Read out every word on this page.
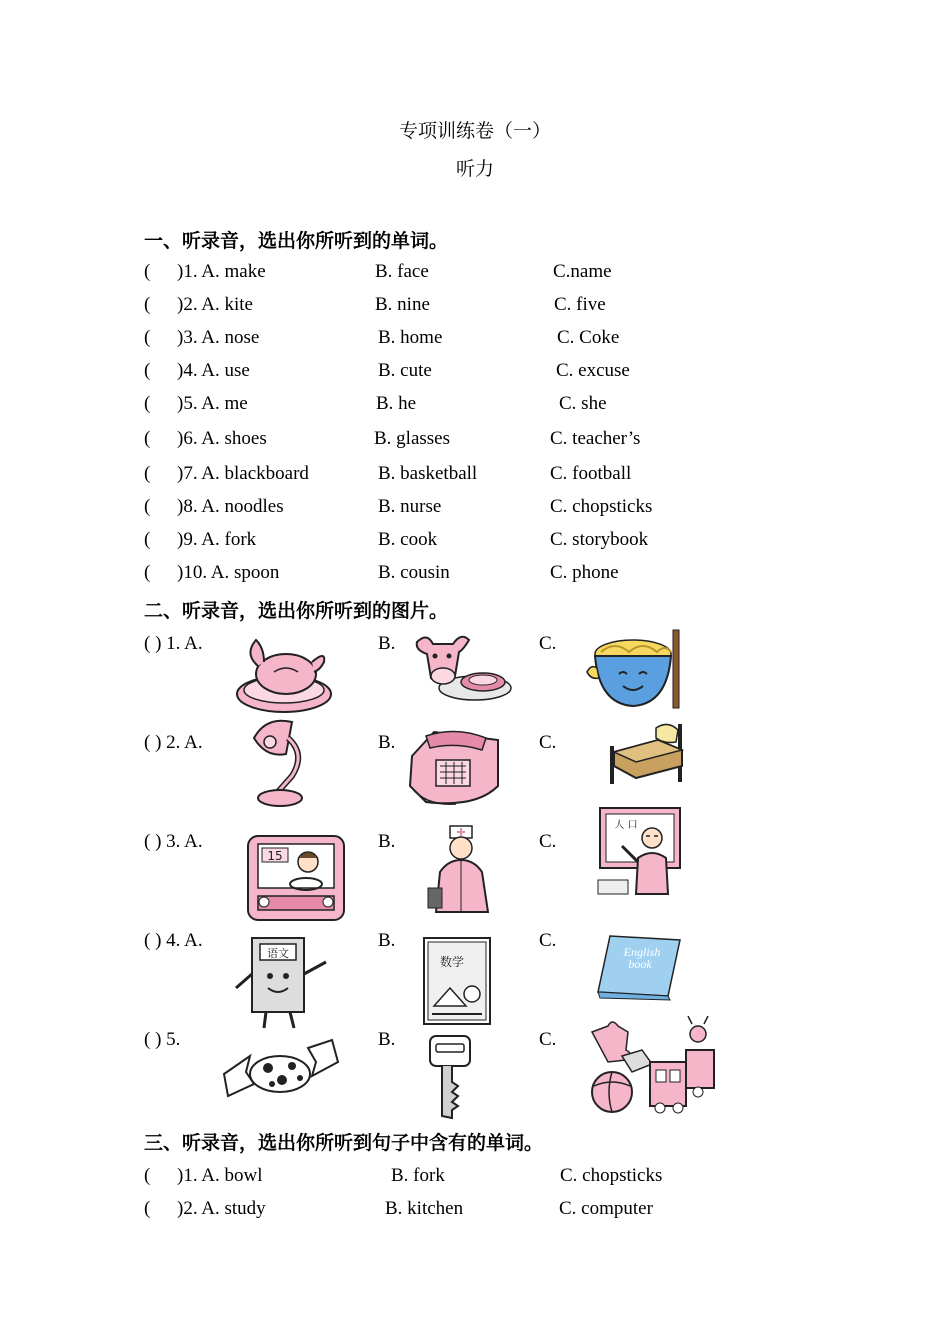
专项训练卷（一）
听力
一、听录音，选出你所听到的单词。
( )1. A. make	B. face	C.name
( )2. A. kite	B. nine	C. five
( )3. A. nose	B. home	C. Coke
( )4. A. use	B. cute	C. excuse
( )5. A. me	B. he	C. she
( )6. A. shoes	B. glasses	C. teacher’s
( )7. A. blackboard	B. basketball	C. football
( )8. A. noodles	B. nurse	C. chopsticks
( )9. A. fork	B. cook	C. storybook
( )10. A. spoon	B. cousin	C. phone
二、听录音，选出你所听到的图片。
( ) 1. A.	B.	C.
( ) 2. A.	B.	C.
( ) 3. A.	B.	C.
15
人 口
( ) 4. A.	B.	C.
语文
数学
English
book
( ) 5.	B.	C.
三、听录音，选出你所听到句子中含有的单词。
( )1. A. bowl	B. fork	C. chopsticks
( )2. A. study	B. kitchen	C. computer
